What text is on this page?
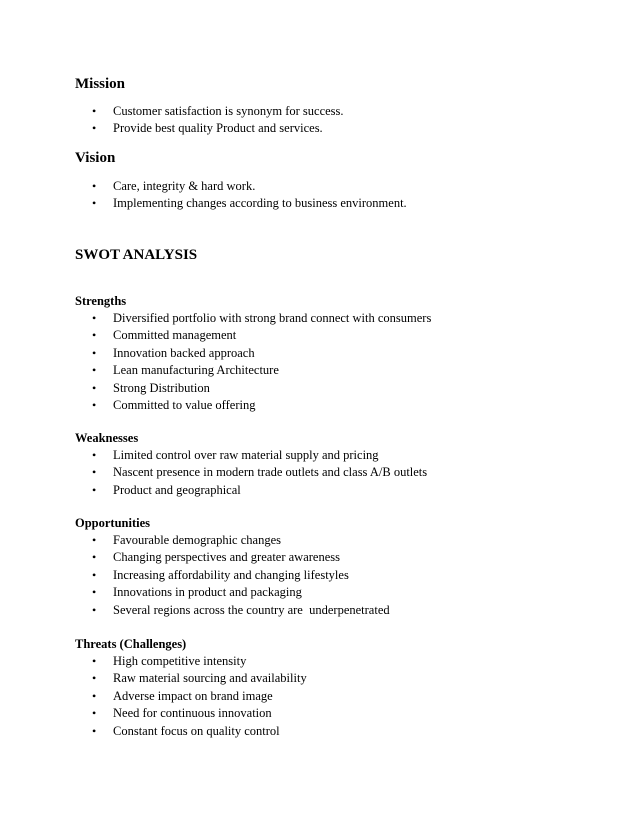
Mission
• Customer satisfaction is synonym for success.
• Provide best quality Product and services.
Vision
• Care, integrity & hard work.
• Implementing changes according to business environment.
SWOT ANALYSIS
Strengths
• Diversified portfolio with strong brand connect with consumers
• Committed management
• Innovation backed approach
• Lean manufacturing Architecture
• Strong Distribution
• Committed to value offering
Weaknesses
• Limited control over raw material supply and pricing
• Nascent presence in modern trade outlets and class A/B outlets
• Product and geographical
Opportunities
• Favourable demographic changes
• Changing perspectives and greater awareness
• Increasing affordability and changing lifestyles
• Innovations in product and packaging
• Several regions across the country are  underpenetrated
Threats (Challenges)
• High competitive intensity
• Raw material sourcing and availability
• Adverse impact on brand image
• Need for continuous innovation
• Constant focus on quality control
